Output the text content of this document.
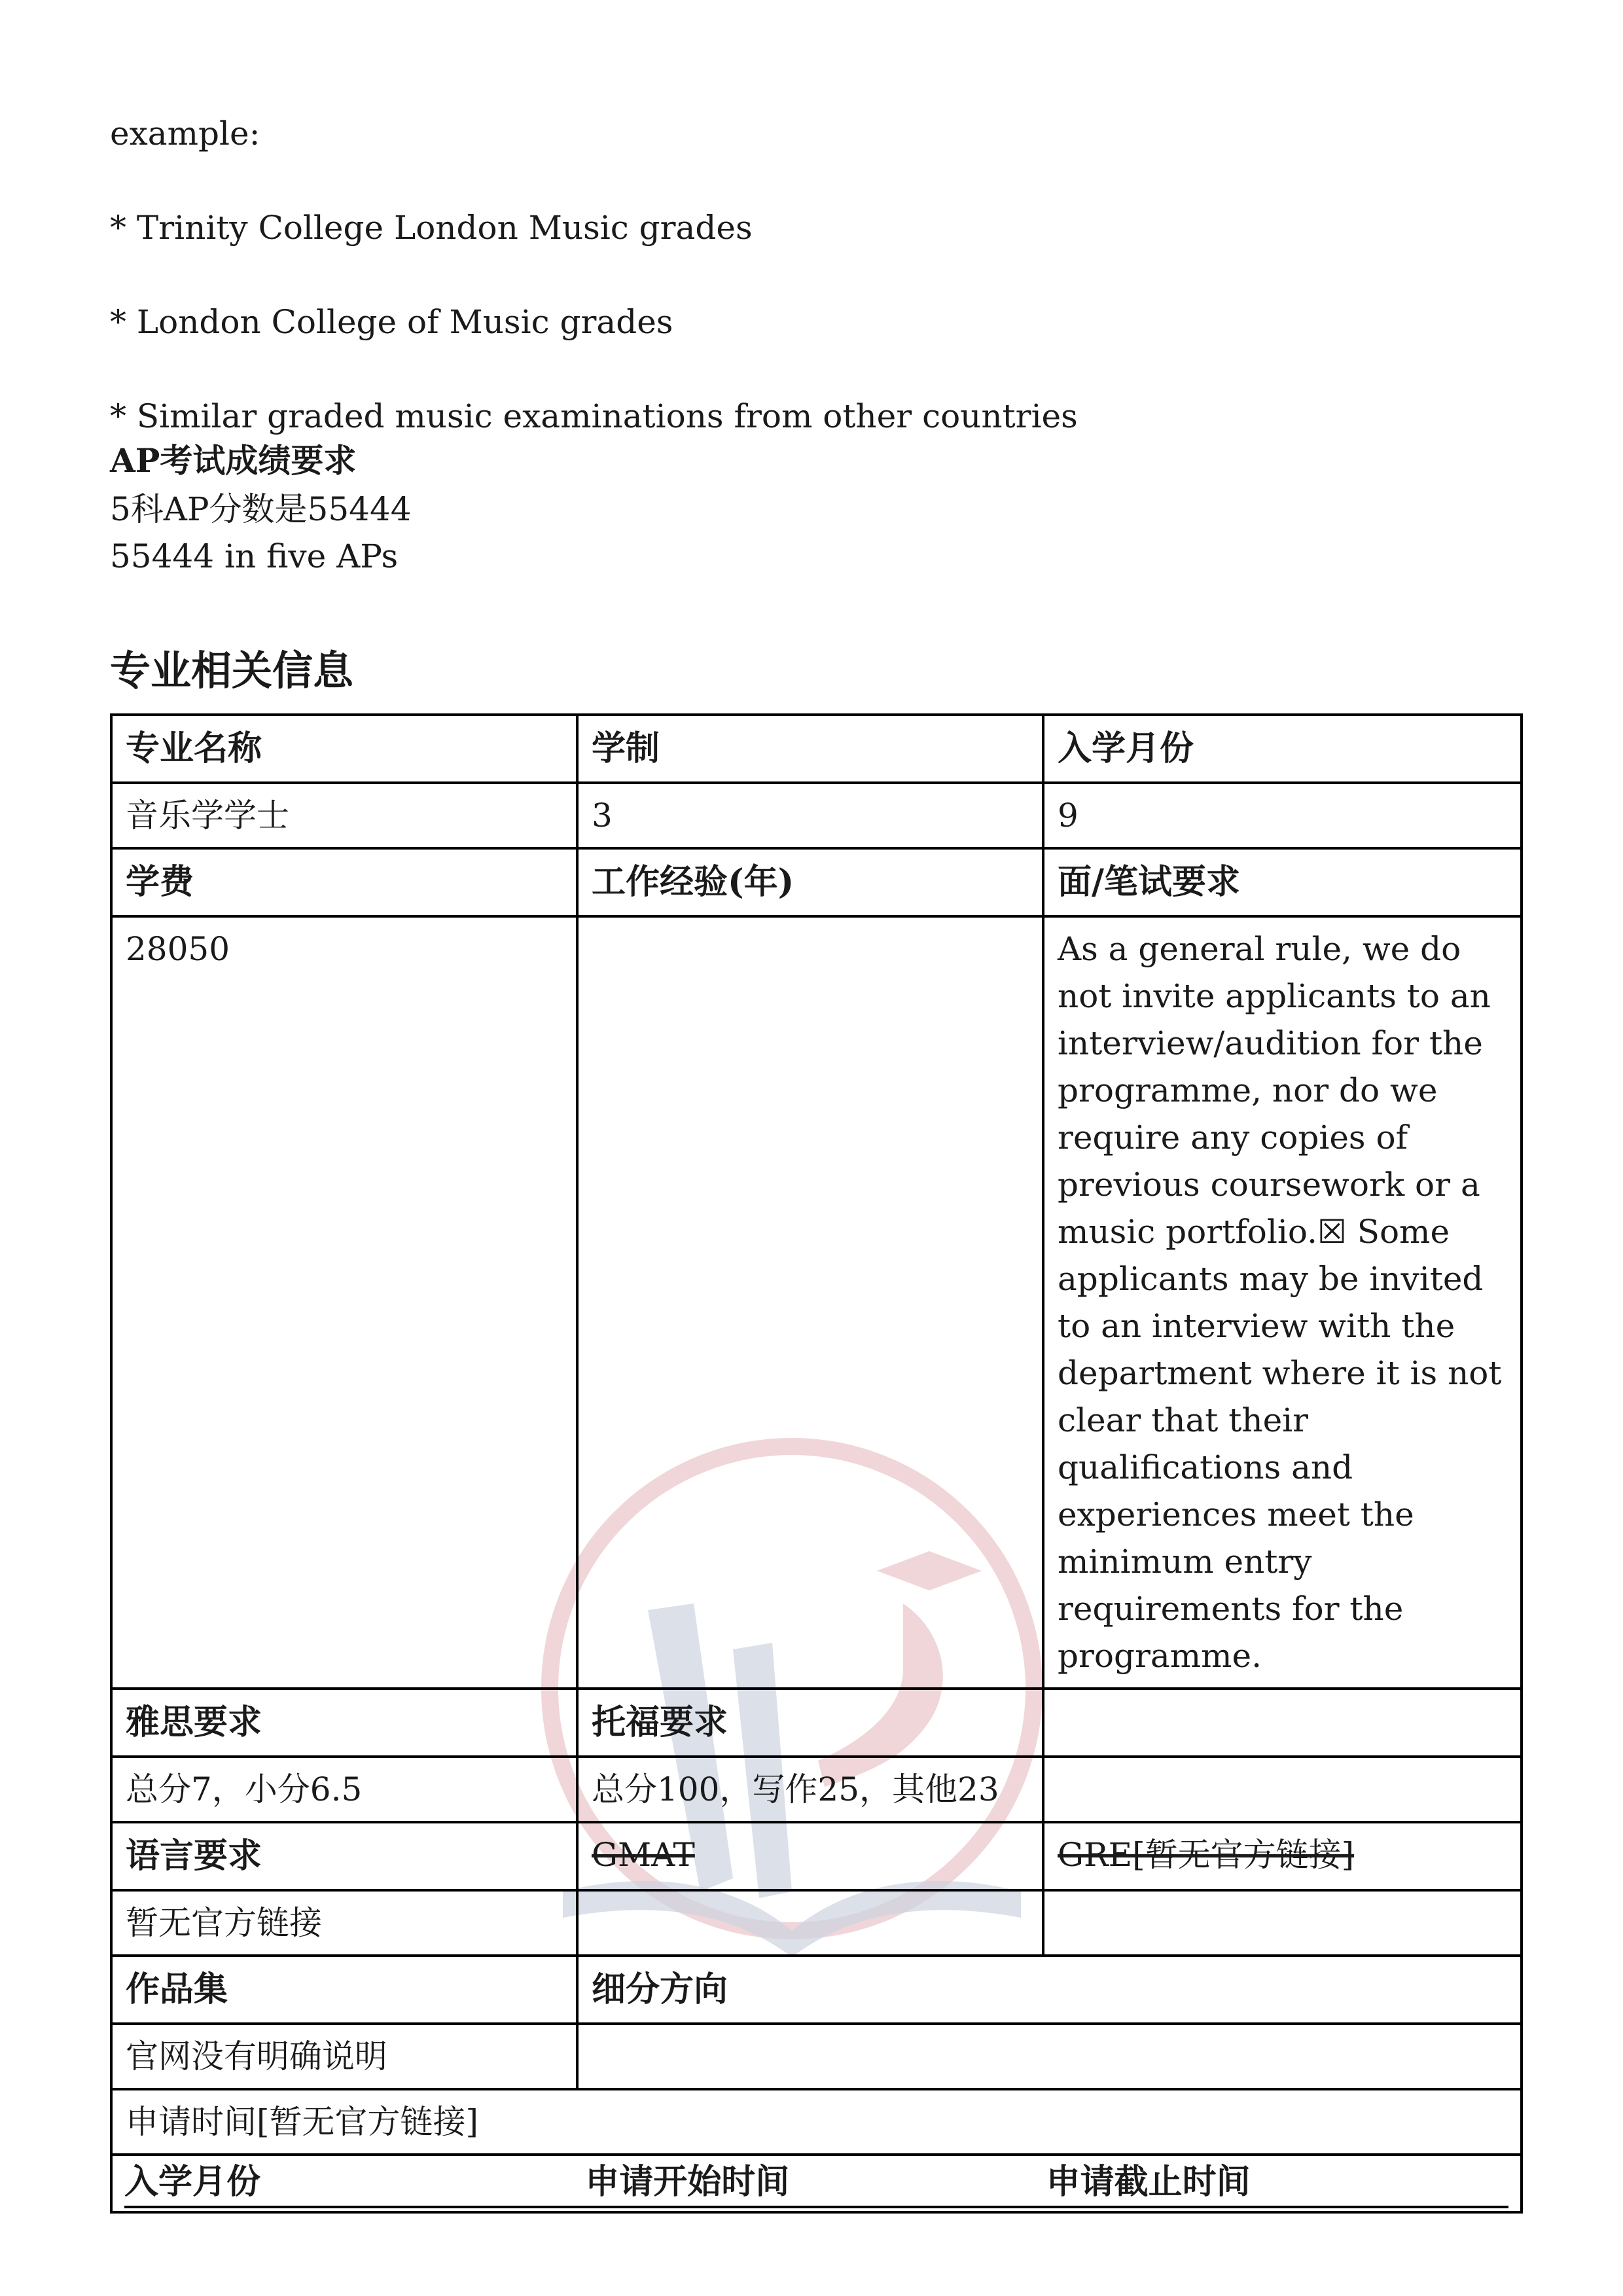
example:
* Trinity College London Music grades
* London College of Music grades
* Similar graded music examinations from other countries
AP考试成绩要求
5科AP分数是55444
55444 in five APs
专业相关信息
专业名称	学制	入学月份
音乐学学士	3	9
学费	工作经验(年)	面/笔试要求
28050		As a general rule, we do not invite applicants to an interview/audition for the programme, nor do we require any copies of previous coursework or a music portfolio.☒ Some applicants may be invited to an interview with the department where it is not clear that their qualifications and experiences meet the minimum entry requirements for the programme.
雅思要求	托福要求	
总分7，小分6.5	总分100，写作25，其他23	
语言要求	GMAT	GRE[暂无官方链接]
暂无官方链接		
作品集	细分方向	
官网没有明确说明		
申请时间[暂无官方链接]		

入学月份 申请开始时间 申请截止时间		
